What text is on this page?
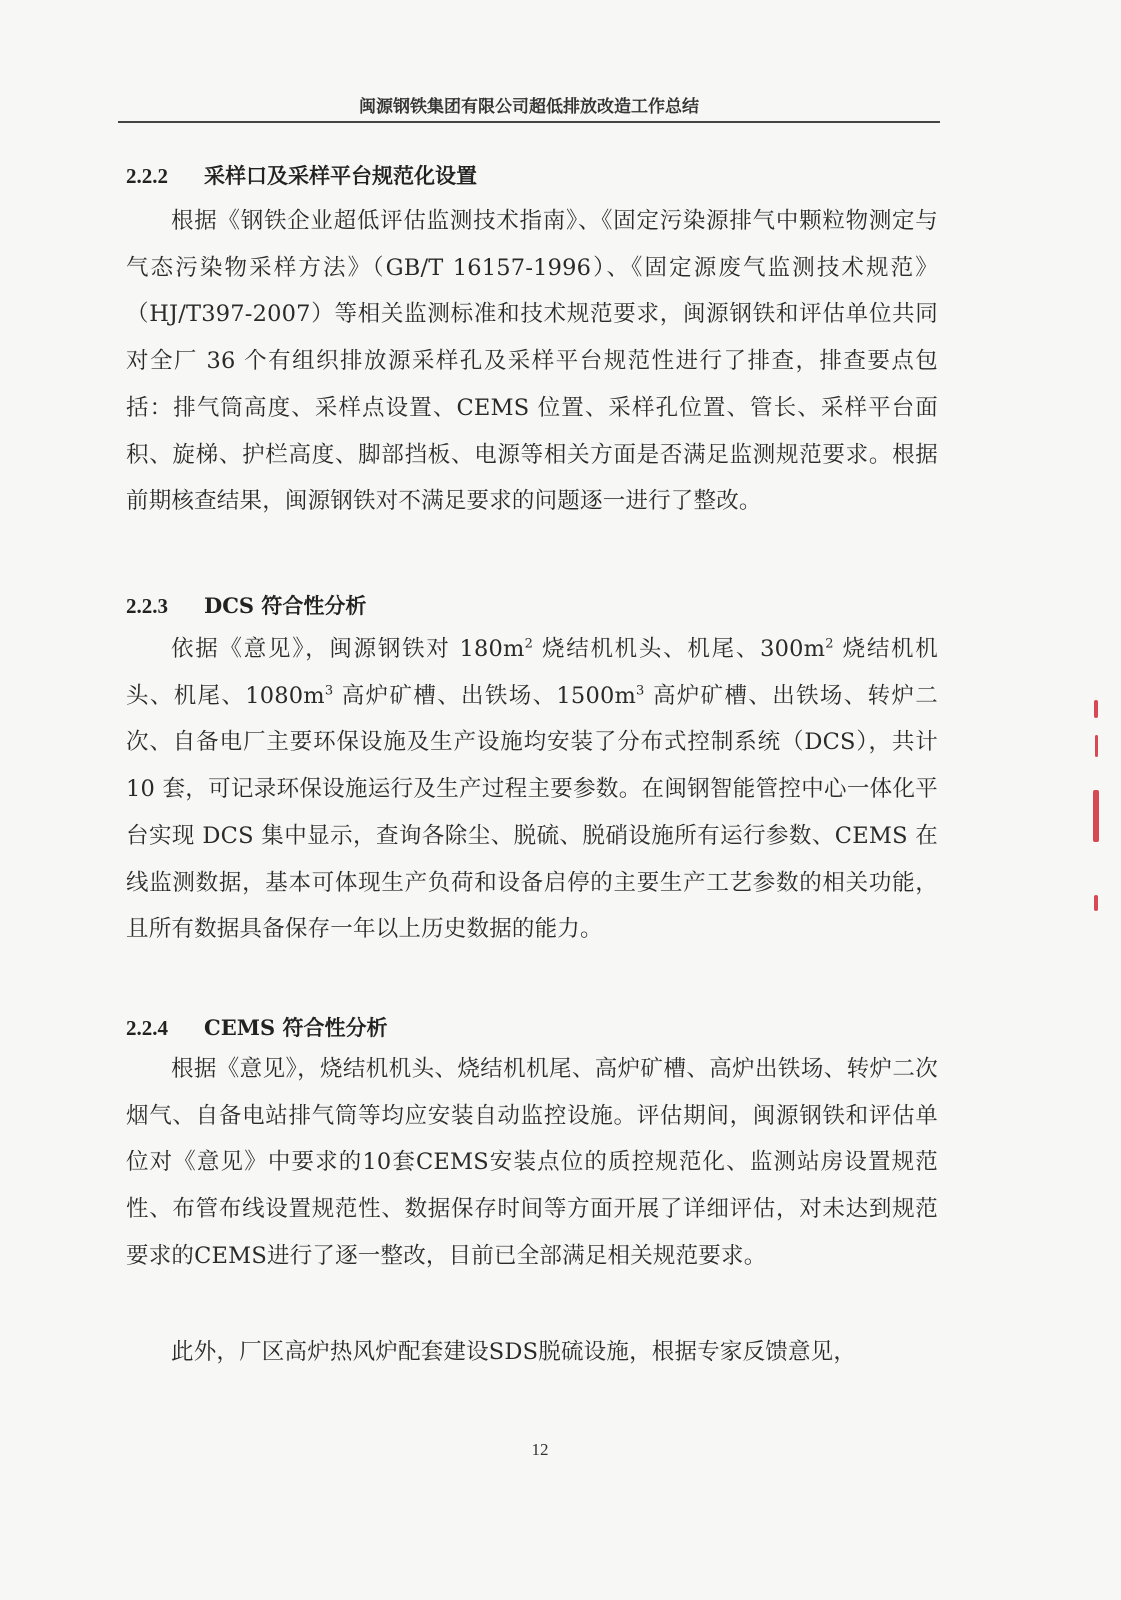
闽源钢铁集团有限公司超低排放改造工作总结
2.2.2 采样口及采样平台规范化设置

根据《钢铁企业超低评估监测技术指南》、《固定污染源排气中颗粒物测定与气态污染物采样方法》（GB/T 16157-1996）、《固定源废气监测技术规范》（HJ/T397-2007）等相关监测标准和技术规范要求，闽源钢铁和评估单位共同对全厂 36 个有组织排放源采样孔及采样平台规范性进行了排查，排查要点包括：排气筒高度、采样点设置、CEMS 位置、采样孔位置、管长、采样平台面积、旋梯、护栏高度、脚部挡板、电源等相关方面是否满足监测规范要求。根据前期核查结果，闽源钢铁对不满足要求的问题逐一进行了整改。

2.2.3 DCS 符合性分析

依据《意见》，闽源钢铁对 $180m^2$ 烧结机机头、机尾、$300m^2$ 烧结机机头、机尾、$1080m^3$ 高炉矿槽、出铁场、$1500m^3$ 高炉矿槽、出铁场、转炉二次、自备电厂主要环保设施及生产设施均安装了分布式控制系统（DCS），共计 10 套，可记录环保设施运行及生产过程主要参数。在闽钢智能管控中心一体化平台实现 DCS 集中显示，查询各除尘、脱硫、脱硝设施所有运行参数、CEMS 在线监测数据，基本可体现生产负荷和设备启停的主要生产工艺参数的相关功能，且所有数据具备保存一年以上历史数据的能力。

2.2.4 CEMS 符合性分析

根据《意见》，烧结机机头、烧结机机尾、高炉矿槽、高炉出铁场、转炉二次烟气、自备电站排气筒等均应安装自动监控设施。评估期间，闽源钢铁和评估单位对《意见》中要求的10套CEMS安装点位的质控规范化、监测站房设置规范性、布管布线设置规范性、数据保存时间等方面开展了详细评估，对未达到规范要求的CEMS进行了逐一整改，目前已全部满足相关规范要求。

此外，厂区高炉热风炉配套建设SDS脱硫设施，根据专家反馈意见，

12
